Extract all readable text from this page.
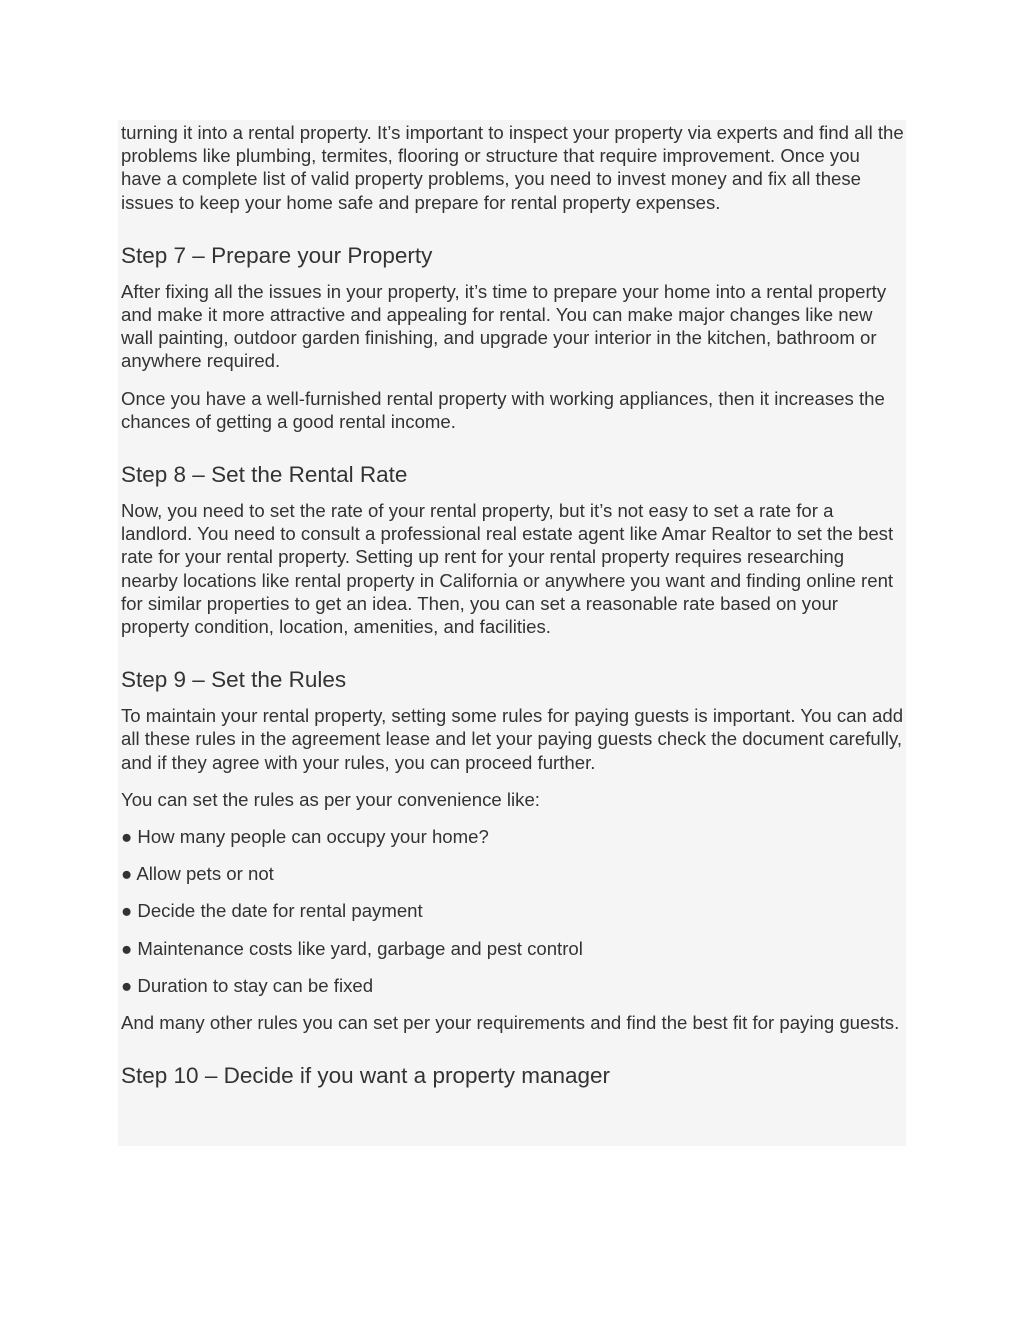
turning it into a rental property. It’s important to inspect your property via experts and find all the problems like plumbing, termites, flooring or structure that require improvement. Once you have a complete list of valid property problems, you need to invest money and fix all these issues to keep your home safe and prepare for rental property expenses.

Step 7 – Prepare your Property

After fixing all the issues in your property, it’s time to prepare your home into a rental property and make it more attractive and appealing for rental. You can make major changes like new wall painting, outdoor garden finishing, and upgrade your interior in the kitchen, bathroom or anywhere required.

Once you have a well-furnished rental property with working appliances, then it increases the chances of getting a good rental income.

Step 8 – Set the Rental Rate

Now, you need to set the rate of your rental property, but it’s not easy to set a rate for a landlord. You need to consult a professional real estate agent like Amar Realtor to set the best rate for your rental property. Setting up rent for your rental property requires researching nearby locations like rental property in California or anywhere you want and finding online rent for similar properties to get an idea. Then, you can set a reasonable rate based on your property condition, location, amenities, and facilities.

Step 9 – Set the Rules

To maintain your rental property, setting some rules for paying guests is important. You can add all these rules in the agreement lease and let your paying guests check the document carefully, and if they agree with your rules, you can proceed further.

You can set the rules as per your convenience like:

● How many people can occupy your home?

● Allow pets or not

● Decide the date for rental payment

● Maintenance costs like yard, garbage and pest control

● Duration to stay can be fixed

And many other rules you can set per your requirements and find the best fit for paying guests.

Step 10 – Decide if you want a property manager
